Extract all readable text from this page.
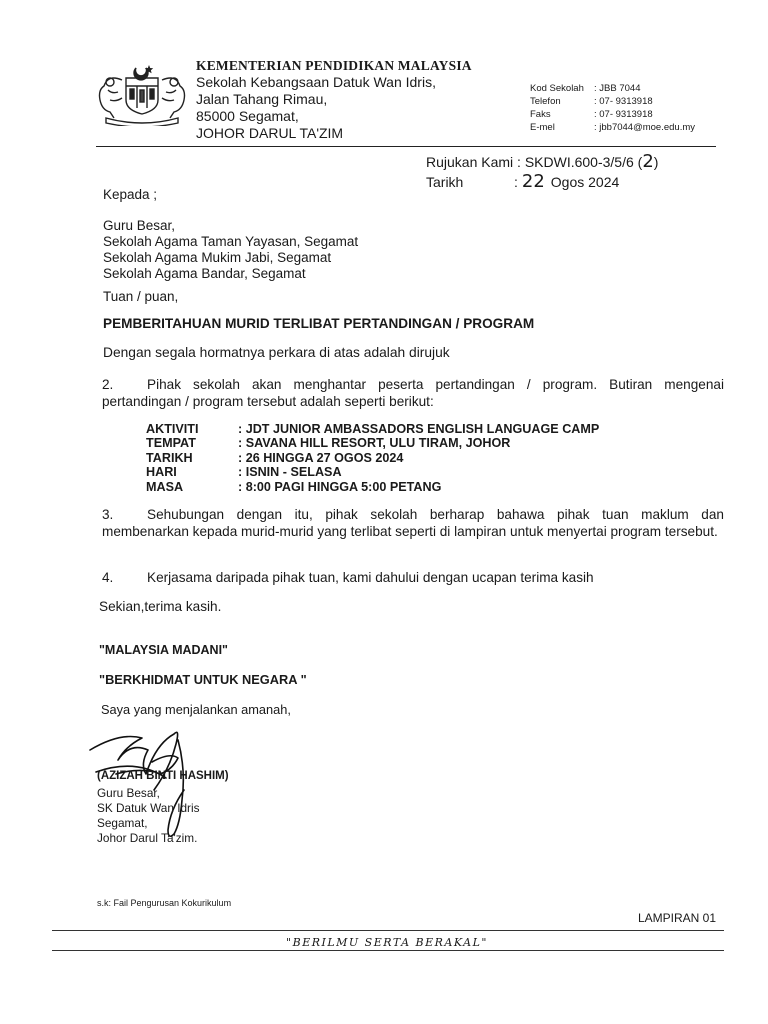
KEMENTERIAN PENDIDIKAN MALAYSIA
Sekolah Kebangsaan Datuk Wan Idris,
Jalan Tahang Rimau,
85000 Segamat,
JOHOR DARUL TA'ZIM
Kod Sekolah : JBB 7044
Telefon	: 07- 9313918
Faks	: 07- 9313918
E-mel	: jbb7044@moe.edu.my
Rujukan Kami : SKDWI.600-3/5/6 (2)
Tarikh	: 22 Ogos 2024
Kepada ;
Guru Besar,
Sekolah Agama Taman Yayasan, Segamat
Sekolah Agama Mukim Jabi, Segamat
Sekolah Agama Bandar, Segamat
Tuan / puan,
PEMBERITAHUAN MURID TERLIBAT PERTANDINGAN / PROGRAM
Dengan segala hormatnya perkara di atas adalah dirujuk
2. Pihak sekolah akan menghantar peserta pertandingan / program. Butiran mengenai pertandingan / program tersebut adalah seperti berikut:
AKTIVITI	: JDT JUNIOR AMBASSADORS ENGLISH LANGUAGE CAMP
TEMPAT	: SAVANA HILL RESORT, ULU TIRAM, JOHOR
TARIKH	: 26 HINGGA 27 OGOS 2024
HARI	: ISNIN - SELASA
MASA	: 8:00 PAGI HINGGA 5:00 PETANG
3. Sehubungan dengan itu, pihak sekolah berharap bahawa pihak tuan maklum dan membenarkan kepada murid-murid yang terlibat seperti di lampiran untuk menyertai program tersebut.
4. Kerjasama daripada pihak tuan, kami dahului dengan ucapan terima kasih
Sekian,terima kasih.
"MALAYSIA MADANI"
"BERKHIDMAT UNTUK NEGARA "
Saya yang menjalankan amanah,
(AZIZAH BINTI HASHIM)
Guru Besar,
SK Datuk Wan Idris
Segamat,
Johor Darul Ta'zim.
s.k: Fail Pengurusan Kokurikulum
LAMPIRAN 01
"BERILMU SERTA BERAKAL"
